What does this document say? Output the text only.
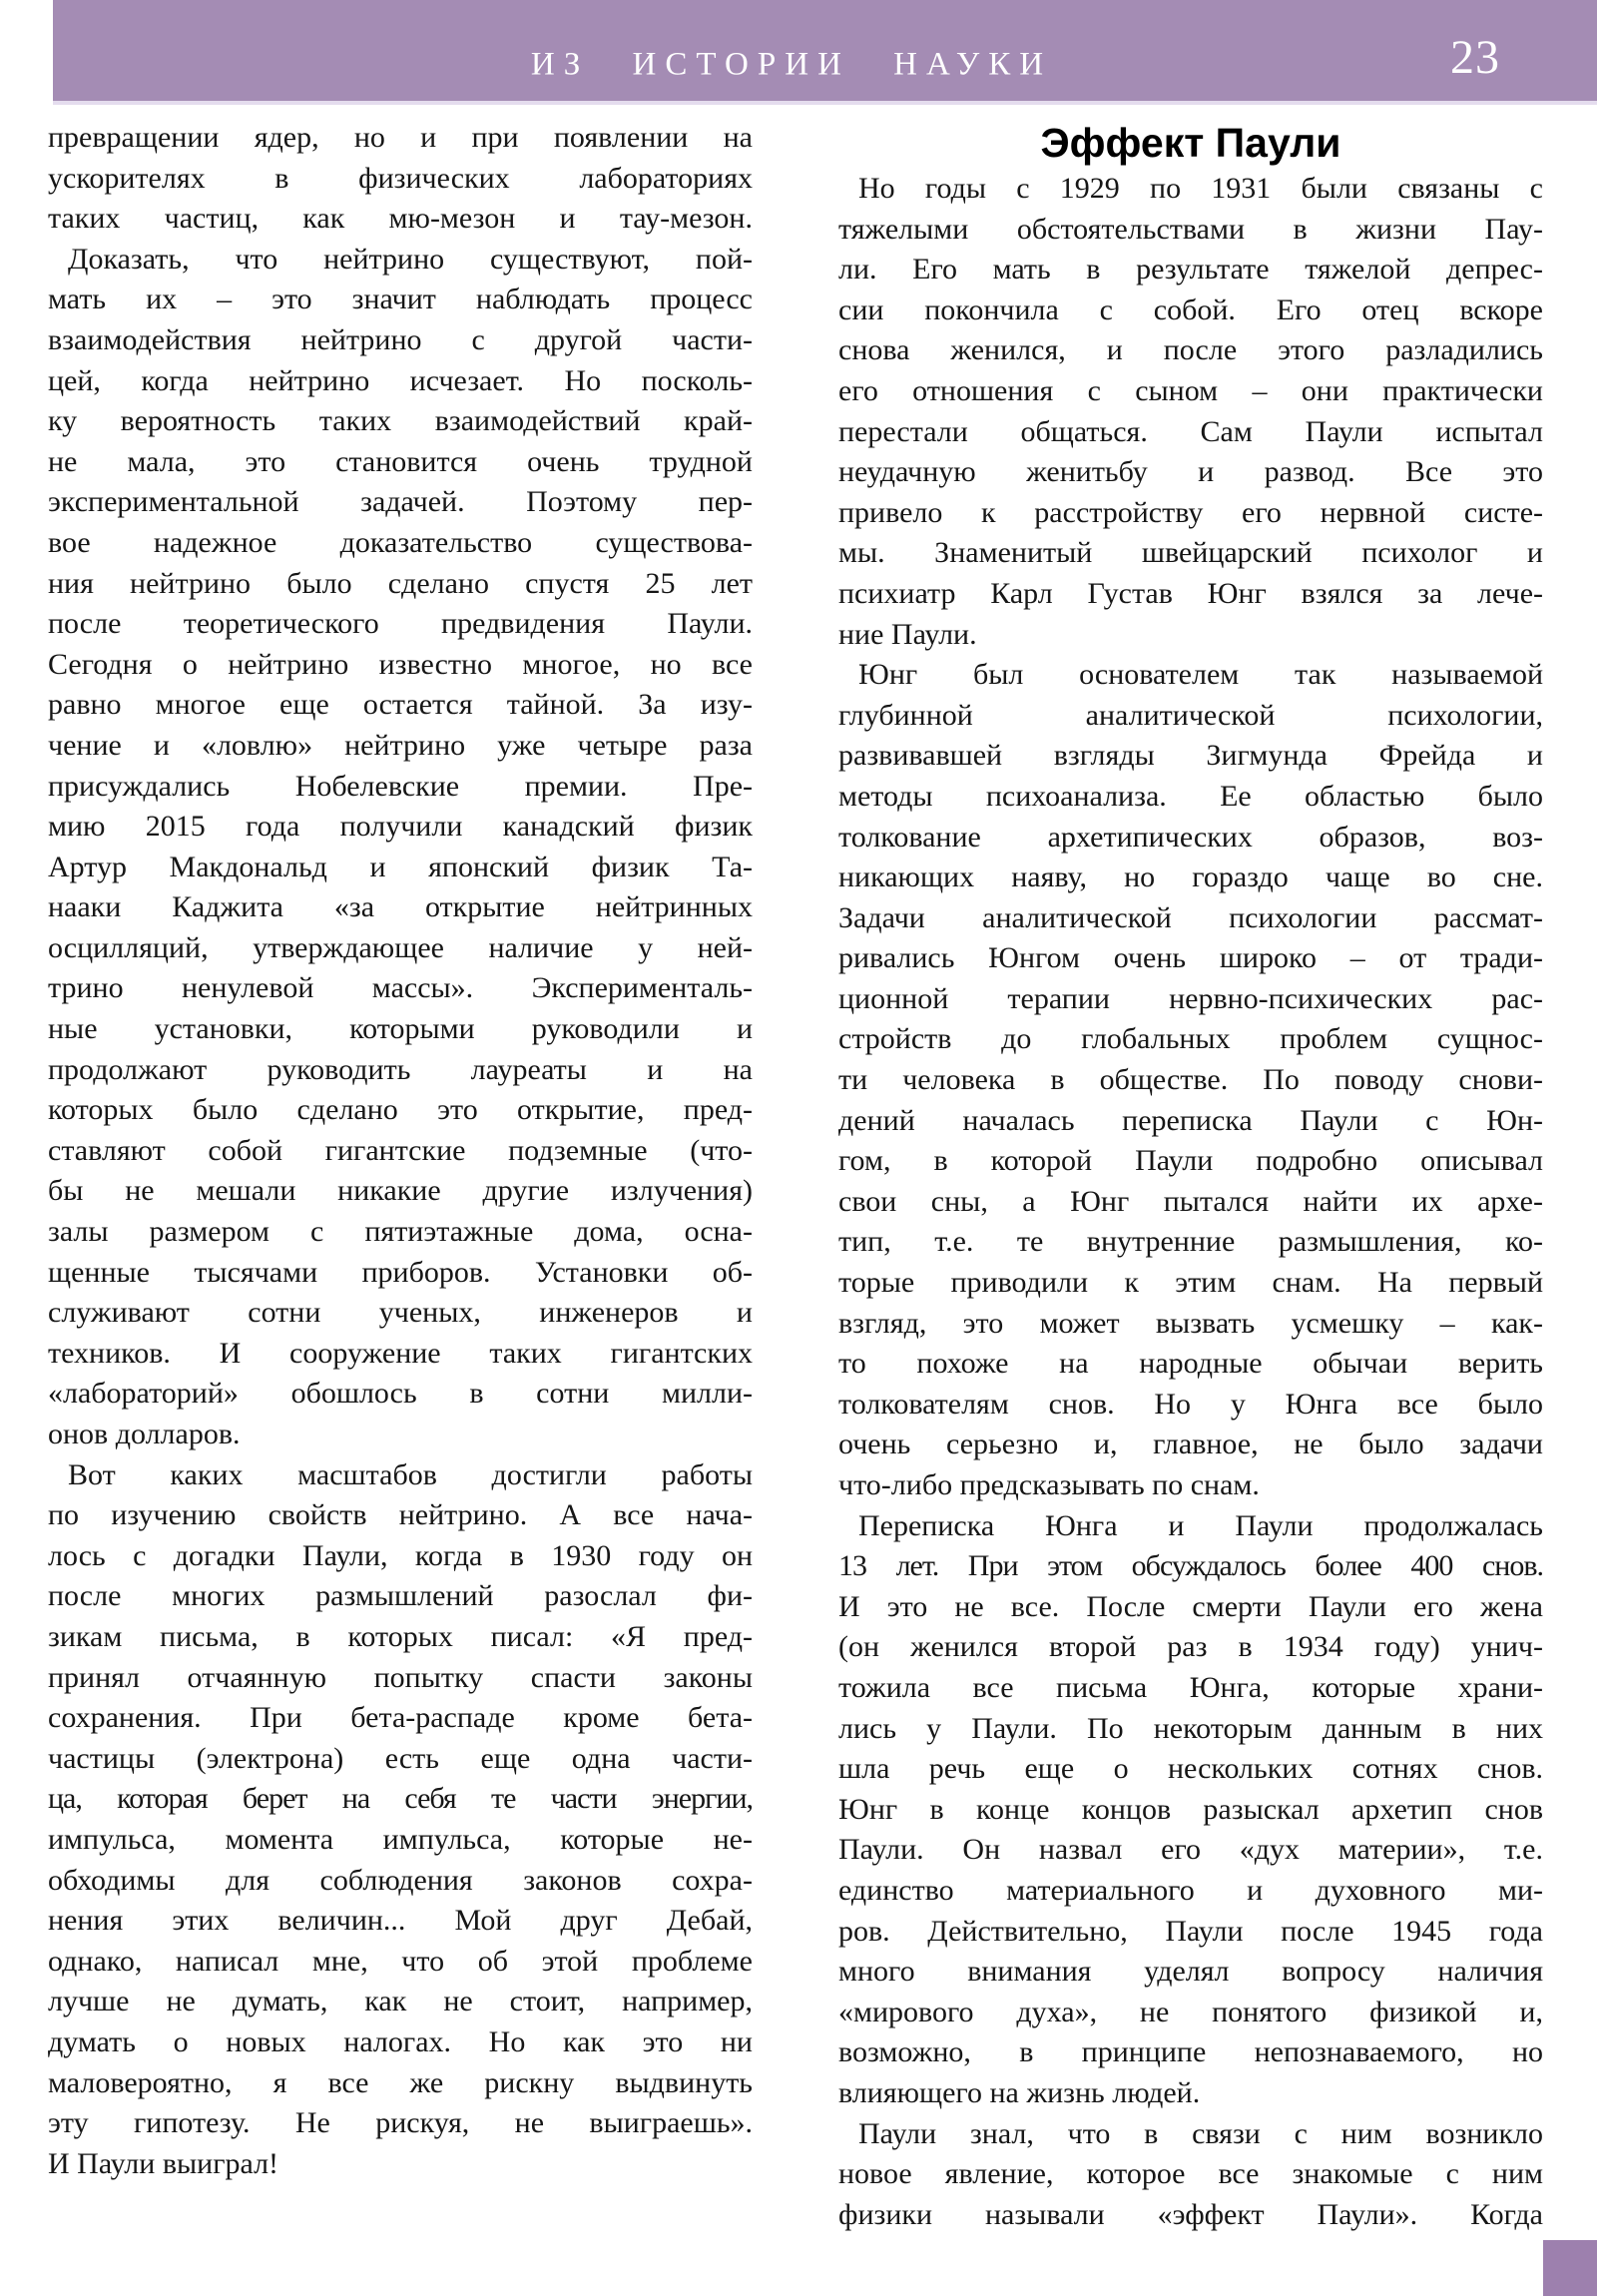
ИЗ ИСТОРИИ НАУКИ	23
превращении ядер, но и при появлении на
ускорителях в физических лабораториях
таких частиц, как мю-мезон и тау-мезон.
Доказать, что нейтрино существуют, пой-
мать их – это значит наблюдать процесс
взаимодействия нейтрино с другой части-
цей, когда нейтрино исчезает. Но посколь-
ку вероятность таких взаимодействий край-
не мала, это становится очень трудной
экспериментальной задачей. Поэтому пер-
вое надежное доказательство существова-
ния нейтрино было сделано спустя 25 лет
после теоретического предвидения Паули.
Сегодня о нейтрино известно многое, но все
равно многое еще остается тайной. За изу-
чение и «ловлю» нейтрино уже четыре раза
присуждались Нобелевские премии. Пре-
мию 2015 года получили канадский физик
Артур Макдональд и японский физик Та-
нааки Каджита «за открытие нейтринных
осцилляций, утверждающее наличие у ней-
трино ненулевой массы». Эксперименталь-
ные установки, которыми руководили и
продолжают руководить лауреаты и на
которых было сделано это открытие, пред-
ставляют собой гигантские подземные (что-
бы не мешали никакие другие излучения)
залы размером с пятиэтажные дома, осна-
щенные тысячами приборов. Установки об-
служивают сотни ученых, инженеров и
техников. И сооружение таких гигантских
«лабораторий» обошлось в сотни милли-
онов долларов.
Вот каких масштабов достигли работы
по изучению свойств нейтрино. А все нача-
лось с догадки Паули, когда в 1930 году он
после многих размышлений разослал фи-
зикам письма, в которых писал: «Я пред-
принял отчаянную попытку спасти законы
сохранения. При бета-распаде кроме бета-
частицы (электрона) есть еще одна части-
ца, которая берет на себя те части энергии,
импульса, момента импульса, которые не-
обходимы для соблюдения законов сохра-
нения этих величин... Мой друг Дебай,
однако, написал мне, что об этой проблеме
лучше не думать, как не стоит, например,
думать о новых налогах. Но как это ни
маловероятно, я все же рискну выдвинуть
эту гипотезу. Не рискуя, не выиграешь».
И Паули выиграл!
Эффект Паули
Но годы с 1929 по 1931 были связаны с
тяжелыми обстоятельствами в жизни Пау-
ли. Его мать в результате тяжелой депрес-
сии покончила с собой. Его отец вскоре
снова женился, и после этого разладились
его отношения с сыном – они практически
перестали общаться. Сам Паули испытал
неудачную женитьбу и развод. Все это
привело к расстройству его нервной систе-
мы. Знаменитый швейцарский психолог и
психиатр Карл Густав Юнг взялся за лече-
ние Паули.
Юнг был основателем так называемой
глубинной аналитической психологии,
развивавшей взгляды Зигмунда Фрейда и
методы психоанализа. Ее областью было
толкование архетипических образов, воз-
никающих наяву, но гораздо чаще во сне.
Задачи аналитической психологии рассмат-
ривались Юнгом очень широко – от тради-
ционной терапии нервно-психических рас-
стройств до глобальных проблем сущнос-
ти человека в обществе. По поводу снови-
дений началась переписка Паули с Юн-
гом, в которой Паули подробно описывал
свои сны, а Юнг пытался найти их архе-
тип, т.е. те внутренние размышления, ко-
торые приводили к этим снам. На первый
взгляд, это может вызвать усмешку – как-
то похоже на народные обычаи верить
толкователям снов. Но у Юнга все было
очень серьезно и, главное, не было задачи
что-либо предсказывать по снам.
Переписка Юнга и Паули продолжалась
13 лет. При этом обсуждалось более 400 снов.
И это не все. После смерти Паули его жена
(он женился второй раз в 1934 году) унич-
тожила все письма Юнга, которые храни-
лись у Паули. По некоторым данным в них
шла речь еще о нескольких сотнях снов.
Юнг в конце концов разыскал архетип снов
Паули. Он назвал его «дух материи», т.е.
единство материального и духовного ми-
ров. Действительно, Паули после 1945 года
много внимания уделял вопросу наличия
«мирового духа», не понятого физикой и,
возможно, в принципе непознаваемого, но
влияющего на жизнь людей.
Паули знал, что в связи с ним возникло
новое явление, которое все знакомые с ним
физики называли «эффект Паули». Когда
